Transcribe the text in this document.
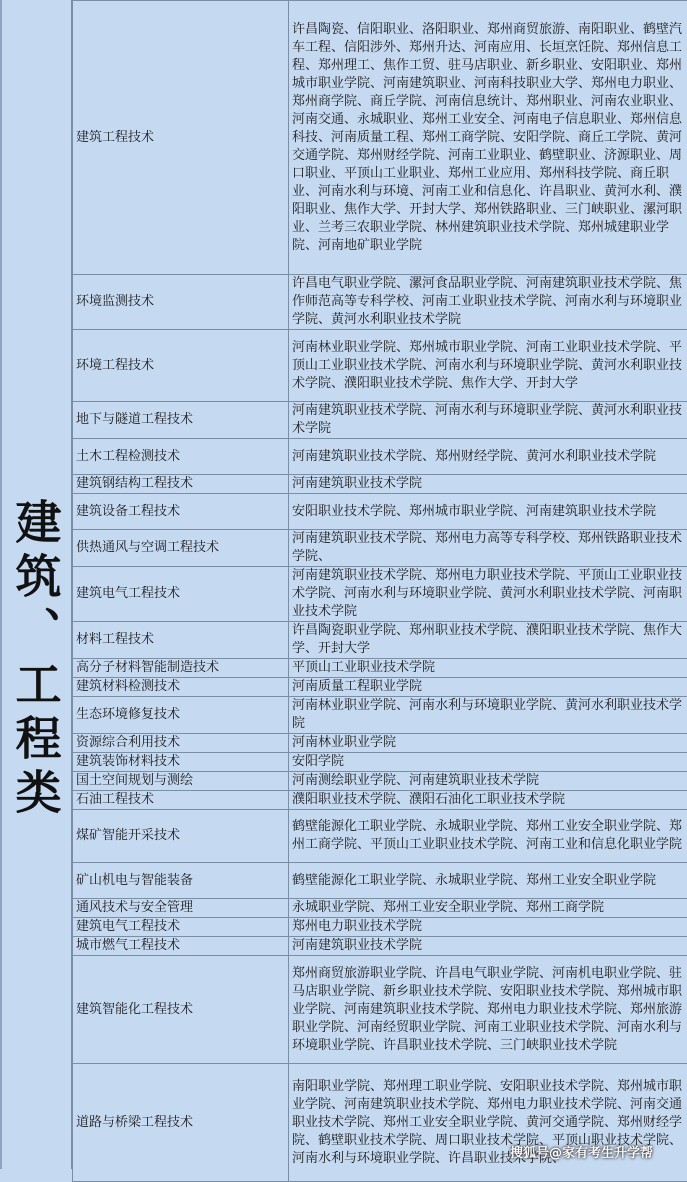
建筑、工程类
建筑工程技术	许昌陶瓷、信阳职业、洛阳职业、郑州商贸旅游、南阳职业、鹤壁汽车工程、信阳涉外、郑州升达、河南应用、长垣烹饪院、郑州信息工程、郑州理工、焦作工贸、驻马店职业、新乡职业、安阳职业、郑州城市职业学院、河南建筑职业、河南科技职业大学、郑州电力职业、郑州商学院、商丘学院、河南信息统计、郑州职业、河南农业职业、河南交通、永城职业、郑州工业安全、河南电子信息职业、郑州信息科技、河南质量工程、郑州工商学院、安阳学院、商丘工学院、黄河交通学院、郑州财经学院、河南工业职业、鹤壁职业、济源职业、周口职业、平顶山工业职业、郑州工业应用、郑州科技学院、商丘职业、河南水利与环境、河南工业和信息化、许昌职业、黄河水利、濮阳职业、焦作大学、开封大学、郑州铁路职业、三门峡职业、漯河职业、兰考三农职业学院、林州建筑职业技术学院、郑州城建职业学院、河南地矿职业学院
环境监测技术	许昌电气职业学院、漯河食品职业学院、河南建筑职业技术学院、焦作师范高等专科学校、河南工业职业技术学院、河南水利与环境职业学院、黄河水利职业技术学院
环境工程技术	河南林业职业学院、郑州城市职业学院、河南工业职业技术学院、平顶山工业职业技术学院、河南水利与环境职业学院、黄河水利职业技术学院、濮阳职业技术学院、焦作大学、开封大学
地下与隧道工程技术	河南建筑职业技术学院、河南水利与环境职业学院、黄河水利职业技术学院
土木工程检测技术	河南建筑职业技术学院、郑州财经学院、黄河水利职业技术学院
建筑钢结构工程技术	河南建筑职业技术学院
建筑设备工程技术	安阳职业技术学院、郑州城市职业学院、河南建筑职业技术学院
供热通风与空调工程技术	河南建筑职业技术学院、郑州电力高等专科学校、郑州铁路职业技术学院、
建筑电气工程技术	河南建筑职业技术学院、郑州电力职业技术学院、平顶山工业职业技术学院、河南水利与环境职业学院、黄河水利职业技术学院、河南职业技术学院
材料工程技术	许昌陶瓷职业学院、郑州职业技术学院、濮阳职业技术学院、焦作大学、开封大学
高分子材料智能制造技术	平顶山工业职业技术学院
建筑材料检测技术	河南质量工程职业学院
生态环境修复技术	河南林业职业学院、河南水利与环境职业学院、黄河水利职业技术学院
资源综合利用技术	河南林业职业学院
建筑装饰材料技术	安阳学院
国土空间规划与测绘	河南测绘职业学院、河南建筑职业技术学院
石油工程技术	濮阳职业技术学院、濮阳石油化工职业技术学院
煤矿智能开采技术	鹤壁能源化工职业学院、永城职业学院、郑州工业安全职业学院、郑州工商学院、平顶山工业职业技术学院、河南工业和信息化职业学院
矿山机电与智能装备	鹤壁能源化工职业学院、永城职业学院、郑州工业安全职业学院
通风技术与安全管理	永城职业学院、郑州工业安全职业学院、郑州工商学院
建筑电气工程技术	郑州电力职业技术学院
城市燃气工程技术	河南建筑职业技术学院
建筑智能化工程技术	郑州商贸旅游职业学院、许昌电气职业学院、河南机电职业学院、驻马店职业学院、新乡职业技术学院、安阳职业技术学院、郑州城市职业学院、河南建筑职业技术学院、郑州电力职业技术学院、郑州旅游职业学院、河南经贸职业学院、河南工业职业技术学院、河南水利与环境职业学院、许昌职业技术学院、三门峡职业技术学院
道路与桥梁工程技术	南阳职业学院、郑州理工职业学院、安阳职业技术学院、郑州城市职业学院、河南建筑职业技术学院、郑州电力职业技术学院、河南交通职业技术学院、郑州工业安全职业学院、黄河交通学院、郑州财经学院、鹤壁职业技术学院、周口职业技术学院、平顶山职业技术学院、河南水利与环境职业学院、许昌职业技术学院、
搜狐号@家有考生升学帮
